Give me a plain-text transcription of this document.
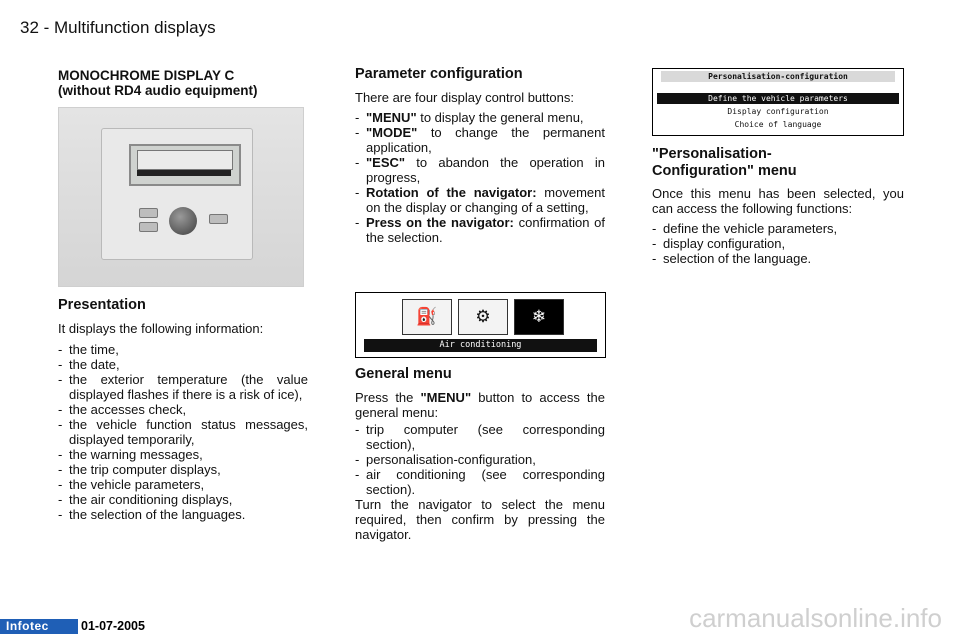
32 - Multifunction displays
MONOCHROME DISPLAY C
(without RD4 audio equipment)
Presentation

It displays the following information:

- the time,
- the date,
- the exterior temperature (the value displayed flashes if there is a risk of ice),
- the accesses check,
- the vehicle function status messages, displayed temporarily,
- the warning messages,
- the trip computer displays,
- the vehicle parameters,
- the air conditioning displays,
- the selection of the languages.
Parameter configuration

There are four display control buttons:

- "MENU" to display the general menu,
- "MODE" to change the permanent application,
- "ESC" to abandon the operation in progress,
- Rotation of the navigator: movement on the display or changing of a setting,
- Press on the navigator: confirmation of the selection.
⛽	⚙	❄
Air conditioning
General menu

Press the "MENU" button to access the general menu:

- trip computer (see corresponding section),
- personalisation-configuration,
- air conditioning (see corresponding section).

Turn the navigator to select the menu required, then confirm by pressing the navigator.

Personalisation-configuration
Define the vehicle parameters
Display configuration
Choice of language
"Personalisation-
Configuration" menu

Once this menu has been selected, you can access the following functions:

- define the vehicle parameters,
- display configuration,
- selection of the language.
Infotec	01-07-2005	carmanualsonline.info
